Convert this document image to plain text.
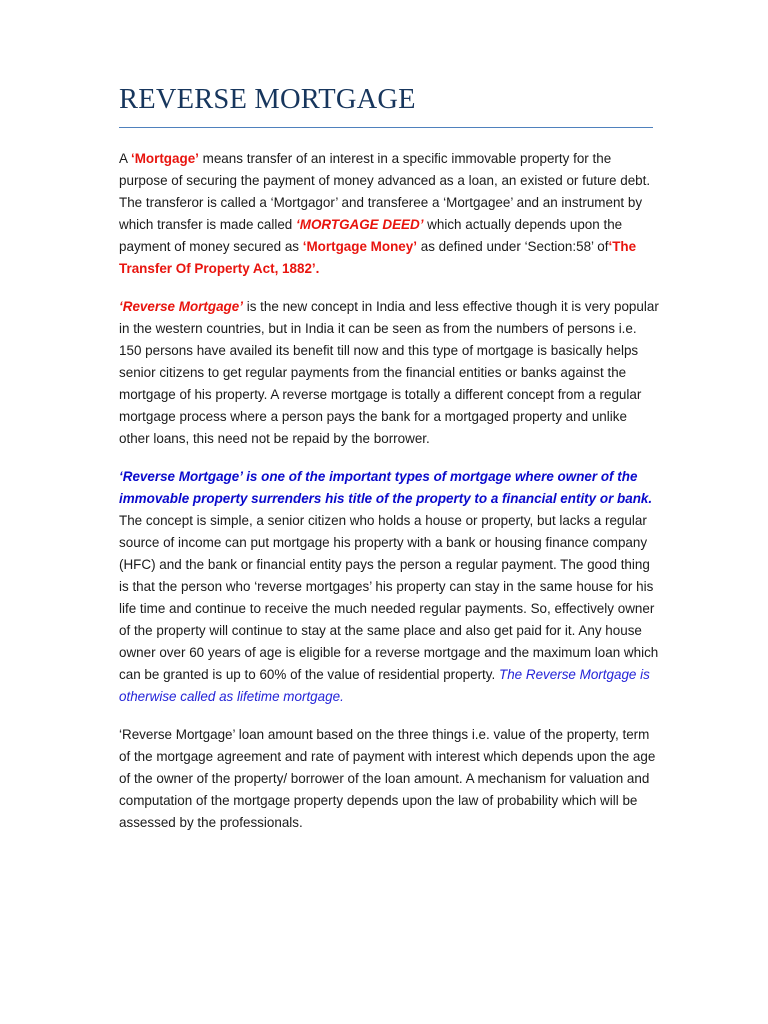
REVERSE MORTGAGE

A ‘Mortgage’ means transfer of an interest in a specific immovable property for the purpose of securing the payment of money advanced as a loan, an existed or future debt. The transferor is called a ‘Mortgagor’ and transferee a ‘Mortgagee’ and an instrument by which transfer is made called ‘MORTGAGE DEED’ which actually depends upon the payment of money secured as ‘Mortgage Money’ as defined under ‘Section:58’ of‘The Transfer Of Property Act, 1882’.

‘Reverse Mortgage’ is the new concept in India and less effective though it is very popular in the western countries, but in India it can be seen as from the numbers of persons i.e. 150 persons have availed its benefit till now and this type of mortgage is basically helps senior citizens to get regular payments from the financial entities or banks against the mortgage of his property. A reverse mortgage is totally a different concept from a regular mortgage process where a person pays the bank for a mortgaged property and unlike other loans, this need not be repaid by the borrower.

‘Reverse Mortgage’ is one of the important types of mortgage where owner of the immovable property surrenders his title of the property to a financial entity or bank. The concept is simple, a senior citizen who holds a house or property, but lacks a regular source of income can put mortgage his property with a bank or housing finance company (HFC) and the bank or financial entity pays the person a regular payment. The good thing is that the person who ‘reverse mortgages’ his property can stay in the same house for his life time and continue to receive the much needed regular payments. So, effectively owner of the property will continue to stay at the same place and also get paid for it. Any house owner over 60 years of age is eligible for a reverse mortgage and the maximum loan which can be granted is up to 60% of the value of residential property. The Reverse Mortgage is otherwise called as lifetime mortgage.

‘Reverse Mortgage’ loan amount based on the three things i.e. value of the property, term of the mortgage agreement and rate of payment with interest which depends upon the age of the owner of the property/ borrower of the loan amount. A mechanism for valuation and computation of the mortgage property depends upon the law of probability which will be assessed by the professionals.
